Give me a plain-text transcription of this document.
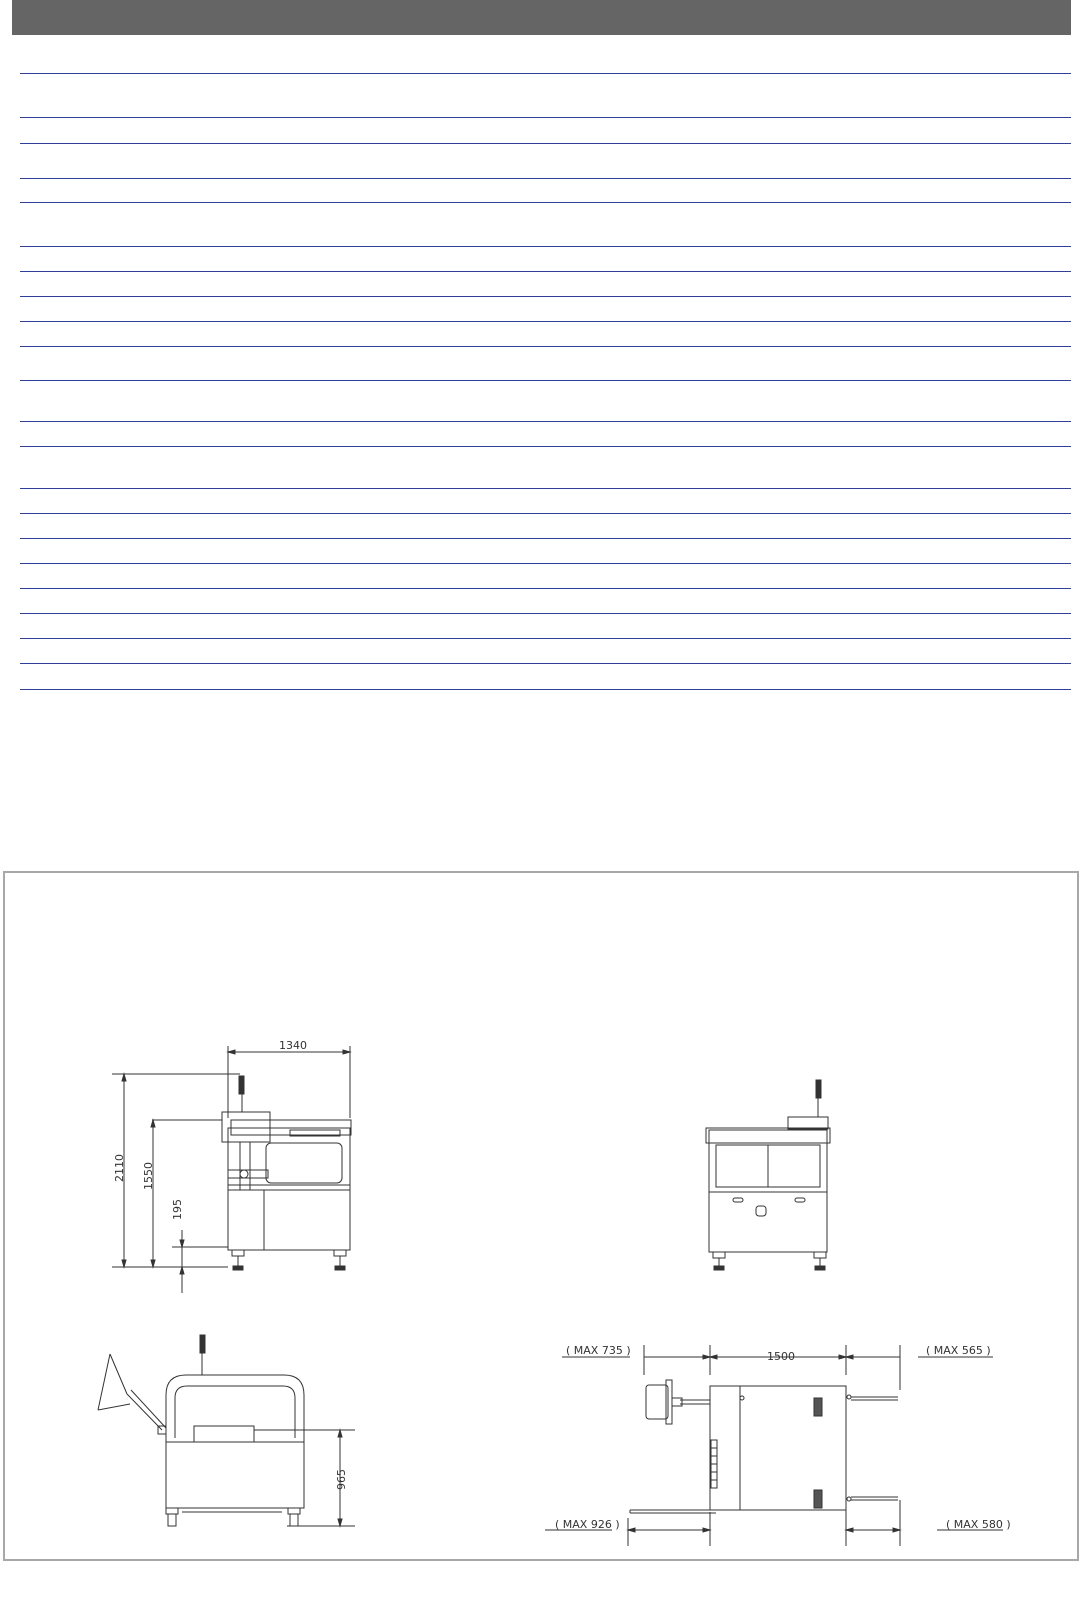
1340
2110 1550
195
965
( MAX 735 )	( MAX 565 )
1500
( MAX 926 )	( MAX 580 )
